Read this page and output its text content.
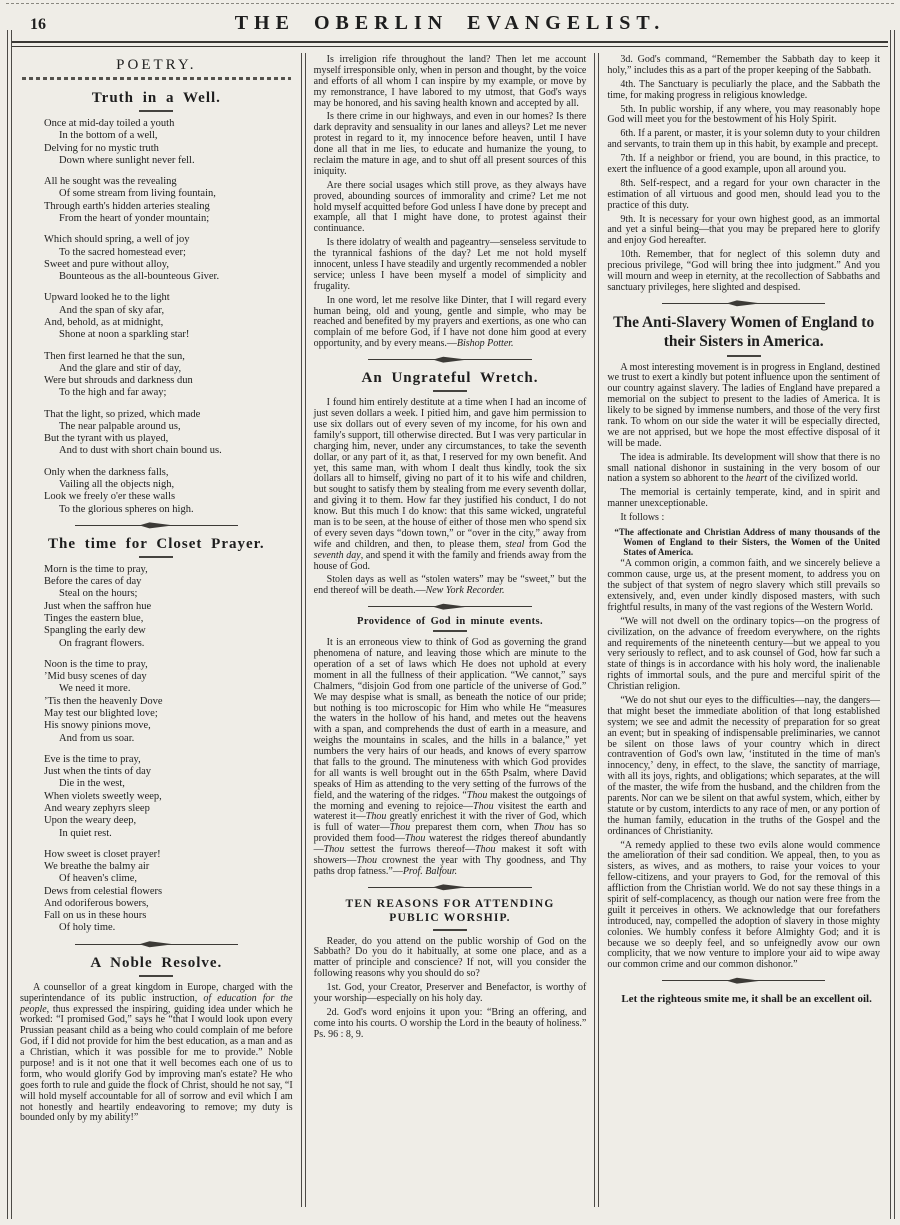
16	THE OBERLIN EVANGELIST.
POETRY.
Truth in a Well.
Once at mid-day toiled a youth
In the bottom of a well,
Delving for no mystic truth
Down where sunlight never fell.
All he sought was the revealing
Of some stream from living fountain,
Through earth's hidden arteries stealing
From the heart of yonder mountain;
Which should spring, a well of joy
To the sacred homestead ever;
Sweet and pure without alloy,
Bounteous as the all-bounteous Giver.
Upward looked he to the light
And the span of sky afar,
And, behold, as at midnight,
Shone at noon a sparkling star!
Then first learned he that the sun,
And the glare and stir of day,
Were but shrouds and darkness dun
To the high and far away;
That the light, so prized, which made
The near palpable around us,
But the tyrant with us played,
And to dust with short chain bound us.
Only when the darkness falls,
Vailing all the objects nigh,
Look we freely o'er these walls
To the glorious spheres on high.
The time for Closet Prayer.
Morn is the time to pray,
Before the cares of day
Steal on the hours;
Just when the saffron hue
Tinges the eastern blue,
Spangling the early dew
On fragrant flowers.
Noon is the time to pray,
’Mid busy scenes of day
We need it more.
’Tis then the heavenly Dove
May test our blighted love;
His snowy pinions move,
And from us soar.
Eve is the time to pray,
Just when the tints of day
Die in the west,
When violets sweetly weep,
And weary zephyrs sleep
Upon the weary deep,
In quiet rest.
How sweet is closet prayer!
We breathe the balmy air
Of heaven's clime,
Dews from celestial flowers
And odoriferous bowers,
Fall on us in these hours
Of holy time.
A Noble Resolve.

A counsellor of a great kingdom in Europe, charged with the superintendance of its public instruction, of education for the people, thus expressed the inspiring, guiding idea under which he worked: “I promised God,” says he “that I would look upon every Prussian peasant child as a being who could complain of me before God, if I did not provide for him the best education, as a man and as a Christian, which it was possible for me to provide.” Noble purpose! and is it not one that it well becomes each one of us to form, who would glorify God by improving man's estate? He who goes forth to rule and guide the flock of Christ, should he not say, “I will hold myself accountable for all of sorrow and evil which I am not honestly and heartily endeavoring to remove; my duty is bounded only by my ability!”

Is irreligion rife throughout the land? Then let me account myself irresponsible only, when in person and thought, by the voice and efforts of all whom I can inspire by my example, or move by my remonstrance, I have labored to my utmost, that God's ways may be honored, and his saving health known and accepted by all.

Is there crime in our highways, and even in our homes? Is there dark depravity and sensuality in our lanes and alleys? Let me never protest in regard to it, my innocence before heaven, until I have done all that in me lies, to educate and humanize the young, to reclaim the mature in age, and to shut off all present sources of this iniquity.

Are there social usages which still prove, as they always have proved, abounding sources of immorality and crime? Let me not hold myself acquitted before God unless I have done by precept and example, all that I might have done, to protest against their continuance.

Is there idolatry of wealth and pageantry—senseless servitude to the tyrannical fashions of the day? Let me not hold myself innocent, unless I have steadily and urgently recommended a nobler service; unless I have been myself a model of simplicity and frugality.

In one word, let me resolve like Dinter, that I will regard every human being, old and young, gentle and simple, who may be reached and benefited by my prayers and exertions, as one who can complain of me before God, if I have not done him good at every opportunity, and by every means.—Bishop Potter.

An Ungrateful Wretch.

I found him entirely destitute at a time when I had an income of just seven dollars a week. I pitied him, and gave him permission to use six dollars out of every seven of my income, for his own and family's support, till otherwise directed. But I was very particular in charging him, never, under any circumstances, to take the seventh dollar, or any part of it, as that, I reserved for my own benefit. And yet, this same man, with whom I dealt thus kindly, took the six dollars all to himself, giving no part of it to his wife and children, but sought to satisfy them by stealing from me every seventh dollar, and giving it to them. How far they justified his conduct, I do not know. But this much I do know: that this same wicked, ungrateful man is to be seen, at the house of either of those men who spend six of every seven days “down town,” or “over in the city,” away from wife and children, and then, to please them, steal from God the seventh day, and spend it with the family and friends away from the house of God.

Stolen days as well as “stolen waters” may be “sweet,” but the end thereof will be death.—New York Recorder.

Providence of God in minute events.

It is an erroneous view to think of God as governing the grand phenomena of nature, and leaving those which are minute to the operation of a set of laws which He does not uphold at every moment in all the fullness of their application. “We cannot,” says Chalmers, “disjoin God from one particle of the universe of God.” We may despise what is small, as beneath the notice of our pride; but nothing is too microscopic for Him who while He “measures the waters in the hollow of his hand, and metes out the heavens with a span, and comprehends the dust of earth in a measure, and weighs the mountains in scales, and the hills in a balance,” yet numbers the very hairs of our heads, and knows of every sparrow that falls to the ground. The minuteness with which God provides for all wants is well brought out in the 65th Psalm, where David speaks of Him as attending to the very setting of the furrows of the field, and the watering of the ridges. “Thou makest the outgoings of the morning and evening to rejoice—Thou visitest the earth and waterest it—Thou greatly enrichest it with the river of God, which is full of water—Thou preparest them corn, when Thou has so provided them food—Thou waterest the ridges thereof abundantly—Thou settest the furrows thereof—Thou makest it soft with showers—Thou crownest the year with Thy goodness, and Thy paths drop fatness.”—Prof. Balfour.

TEN REASONS FOR ATTENDING PUBLIC WORSHIP.

Reader, do you attend on the public worship of God on the Sabbath? Do you do it habitually, at some one place, and as a matter of principle and conscience? If not, will you consider the following reasons why you should do so?

1st. God, your Creator, Preserver and Benefactor, is worthy of your worship—especially on his holy day.

2d. God's word enjoins it upon you: “Bring an offering, and come into his courts. O worship the Lord in the beauty of holiness.” Ps. 96 : 8, 9.

3d. God's command, “Remember the Sabbath day to keep it holy,” includes this as a part of the proper keeping of the Sabbath.

4th. The Sanctuary is peculiarly the place, and the Sabbath the time, for making progress in religious knowledge.

5th. In public worship, if any where, you may reasonably hope God will meet you for the bestowment of his Holy Spirit.

6th. If a parent, or master, it is your solemn duty to your children and servants, to train them up in this habit, by example and precept.

7th. If a neighbor or friend, you are bound, in this practice, to exert the influence of a good example, upon all around you.

8th. Self-respect, and a regard for your own character in the estimation of all virtuous and good men, should lead you to the practice of this duty.

9th. It is necessary for your own highest good, as an immortal and yet a sinful being—that you may be prepared here to glorify and enjoy God hereafter.

10th. Remember, that for neglect of this solemn duty and precious privilege, “God will bring thee into judgment.” And you will mourn and weep in eternity, at the recollection of Sabbaths and sanctuary privileges, here slighted and despised.

The Anti-Slavery Women of England to their Sisters in America.

A most interesting movement is in progress in England, destined we trust to exert a kindly but potent influence upon the sentiment of our country against slavery. The ladies of England have prepared a memorial on the subject to present to the ladies of America. It is likely to be signed by immense numbers, and those of the very first rank. To whom on our side the water it will be especially directed, we are not apprised, but we hope the most effective disposal of it will be made.

The idea is admirable. Its development will show that there is no small national dishonor in sustaining in the very bosom of our nation a system so abhorent to the heart of the civilized world.

The memorial is certainly temperate, kind, and in spirit and manner unexceptionable.

It follows :

“The affectionate and Christian Address of many thousands of the Women of England to their Sisters, the Women of the United States of America.

“A common origin, a common faith, and we sincerely believe a common cause, urge us, at the present moment, to address you on the subject of that system of negro slavery which still prevails so extensively, and, even under kindly disposed masters, with such frightful results, in many of the vast regions of the Western World.

“We will not dwell on the ordinary topics—on the progress of civilization, on the advance of freedom everywhere, on the rights and requirements of the nineteenth century—but we appeal to you very seriously to reflect, and to ask counsel of God, how far such a state of things is in accordance with his holy word, the inalienable rights of immortal souls, and the pure and merciful spirit of the Christian religion.

“We do not shut our eyes to the difficulties—nay, the dangers—that might beset the immediate abolition of that long established system; we see and admit the necessity of preparation for so great an event; but in speaking of indispensable preliminaries, we cannot be silent on those laws of your country which in direct contravention of God's own law, ‘instituted in the time of man's innocency,’ deny, in effect, to the slave, the sanctity of marriage, with all its joys, rights, and obligations; which separates, at the will of the master, the wife from the husband, and the children from the parents. Nor can we be silent on that awful system, which, either by statute or by custom, interdicts to any race of men, or any portion of the human family, education in the truths of the Gospel and the ordinances of Christianity.

“A remedy applied to these two evils alone would commence the amelioration of their sad condition. We appeal, then, to you as sisters, as wives, and as mothers, to raise your voices to your fellow-citizens, and your prayers to God, for the removal of this affliction from the Christian world. We do not say these things in a spirit of self-complacency, as though our nation were free from the guilt it perceives in others. We acknowledge that our forefathers introduced, nay, compelled the adoption of slavery in those mighty colonies. We humbly confess it before Almighty God; and it is because we so deeply feel, and so unfeignedly avow our own complicity, that we now venture to implore your aid to wipe away our common crime and our common dishonor.”

Let the righteous smite me, it shall be an excellent oil.
